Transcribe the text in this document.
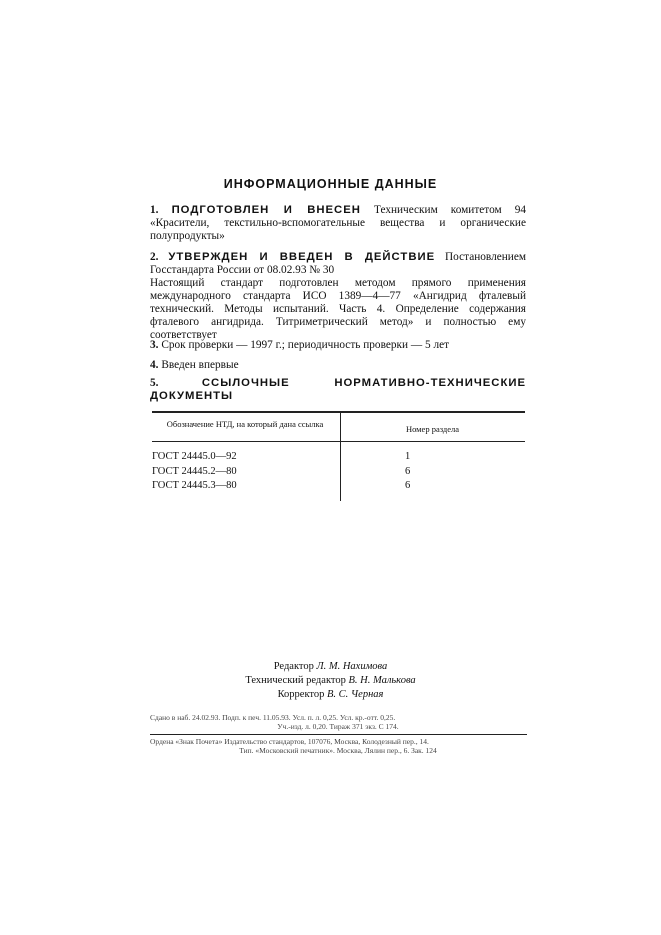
ИНФОРМАЦИОННЫЕ ДАННЫЕ
1. ПОДГОТОВЛЕН И ВНЕСЕН Техническим комитетом 94 «Красители, текстильно-вспомогательные вещества и органические полупродукты»
2. УТВЕРЖДЕН И ВВЕДЕН В ДЕЙСТВИЕ Постановлением Госстандарта России от 08.02.93 № 30
Настоящий стандарт подготовлен методом прямого применения международного стандарта ИСО 1389—4—77 «Ангидрид фталевый технический. Методы испытаний. Часть 4. Определение содержания фталевого ангидрида. Титриметрический метод» и полностью ему соответствует
3. Срок проверки — 1997 г.; периодичность проверки — 5 лет
4. Введен впервые
5.	ССЫЛОЧНЫЕ НОРМАТИВНО-ТЕХНИЧЕСКИЕ ДОКУМЕНТЫ
Обозначение НТД, на который дана ссылка	Номер раздела
ГОСТ 24445.0—92	1
ГОСТ 24445.2—80	6
ГОСТ 24445.3—80	6
Редактор Л. М. Нахимова
Технический редактор В. Н. Малькова
Корректор В. С. Черная
Сдано в наб. 24.02.93. Подп. к печ. 11.05.93. Усл. п. л. 0,25. Усл. кр.-отт. 0,25.
Уч.-изд. л. 0,20. Тираж 371 экз. С 174.
Ордена «Знак Почета» Издательство стандартов, 107076, Москва, Колодезный пер., 14.
Тип. «Московский печатник». Москва, Лялин пер., 6. Зак. 124
